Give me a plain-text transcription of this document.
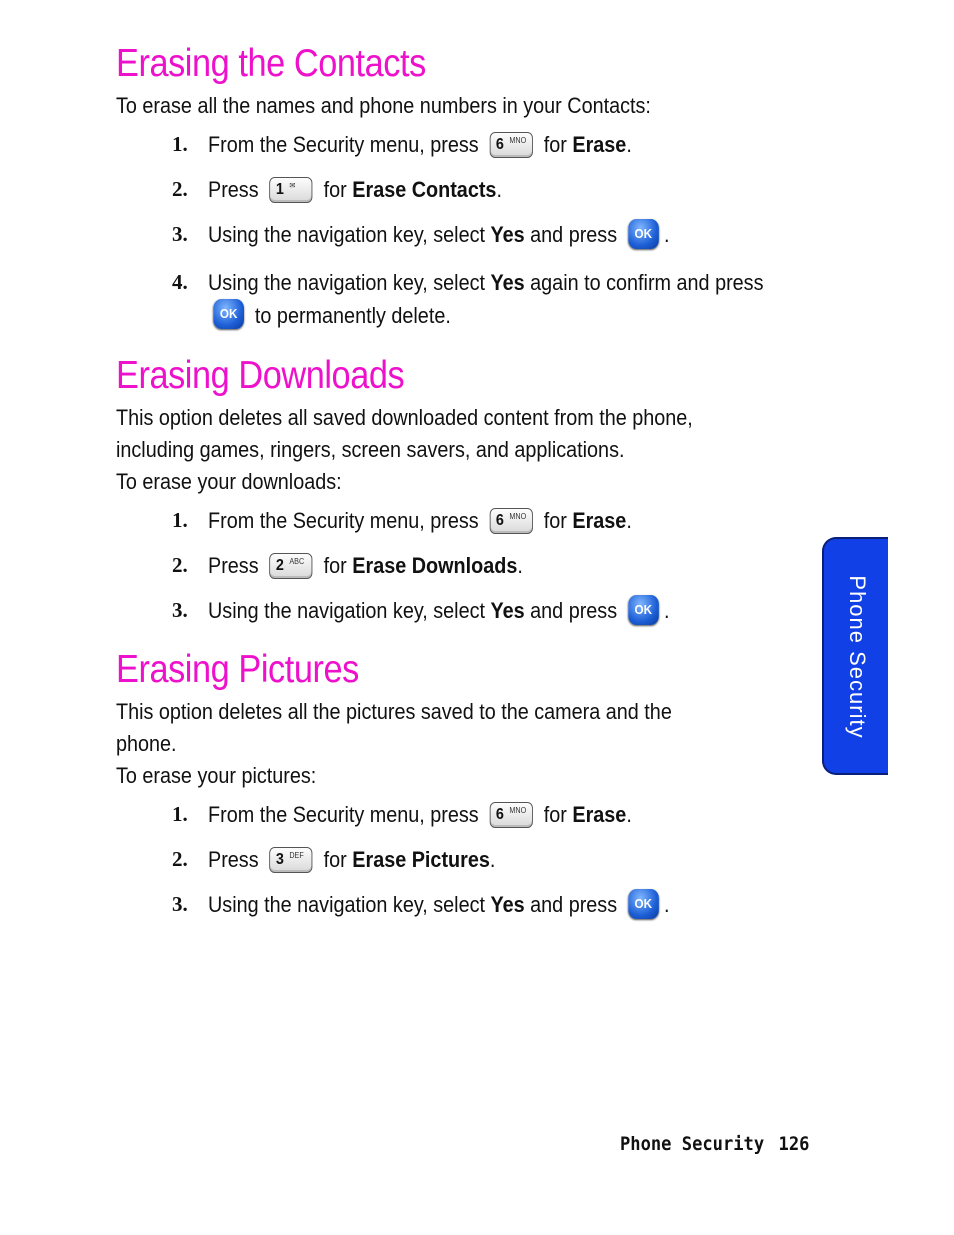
Erasing the Contacts

To erase all the names and phone numbers in your Contacts:

1. From the Security menu, press 6 MNO for Erase.
2. Press 1 ✉ for Erase Contacts.
3. Using the navigation key, select Yes and press OK .
4. Using the navigation key, select Yes again to confirm and press OK to permanently delete.
Erasing Downloads

This option deletes all saved downloaded content from the phone,

including games, ringers, screen savers, and applications.

To erase your downloads:

1. From the Security menu, press 6 MNO for Erase.
2. Press 2 ABC for Erase Downloads.
3. Using the navigation key, select Yes and press OK .
Erasing Pictures

This option deletes all the pictures saved to the camera and the

phone.

To erase your pictures:

1. From the Security menu, press 6 MNO for Erase.
2. Press 3 DEF for Erase Pictures.
3. Using the navigation key, select Yes and press OK .
Phone Security
Phone Security 126
